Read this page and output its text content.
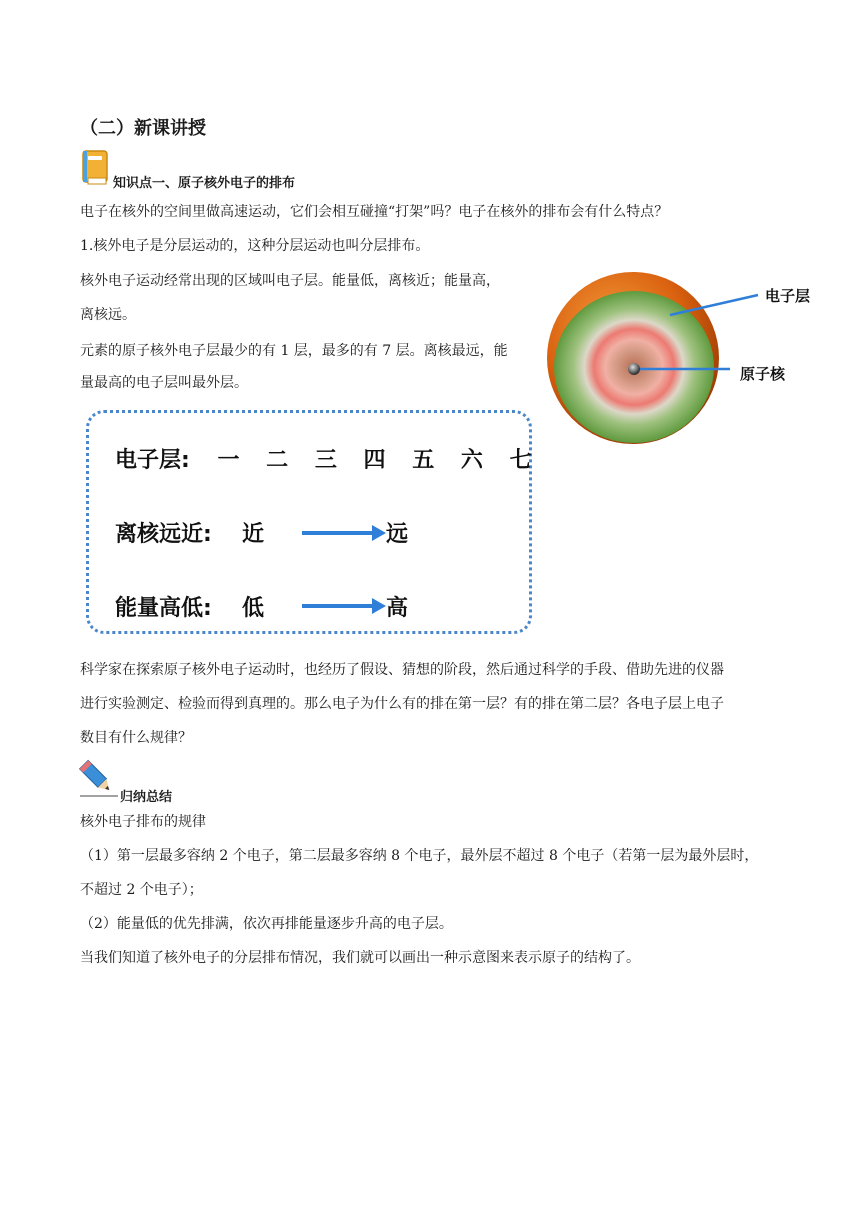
（二）新课讲授
知识点一、原子核外电子的排布
电子在核外的空间里做高速运动，它们会相互碰撞“打架”吗？电子在核外的排布会有什么特点？
1.核外电子是分层运动的，这种分层运动也叫分层排布。
核外电子运动经常出现的区域叫电子层。能量低，离核近；能量高，
离核远。
元素的原子核外电子层最少的有 1 层，最多的有 7 层。离核最远，能
量最高的电子层叫最外层。
电子层
原子核
电子层: 一 二 三 四 五 六 七
离核远近: 近	远
能量高低: 低	高
科学家在探索原子核外电子运动时，也经历了假设、猜想的阶段，然后通过科学的手段、借助先进的仪器
进行实验测定、检验而得到真理的。那么电子为什么有的排在第一层？有的排在第二层？各电子层上电子
数目有什么规律？
归纳总结
核外电子排布的规律
（1）第一层最多容纳 2 个电子，第二层最多容纳 8 个电子，最外层不超过 8 个电子（若第一层为最外层时，
不超过 2 个电子）；
（2）能量低的优先排满，依次再排能量逐步升高的电子层。
当我们知道了核外电子的分层排布情况，我们就可以画出一种示意图来表示原子的结构了。
